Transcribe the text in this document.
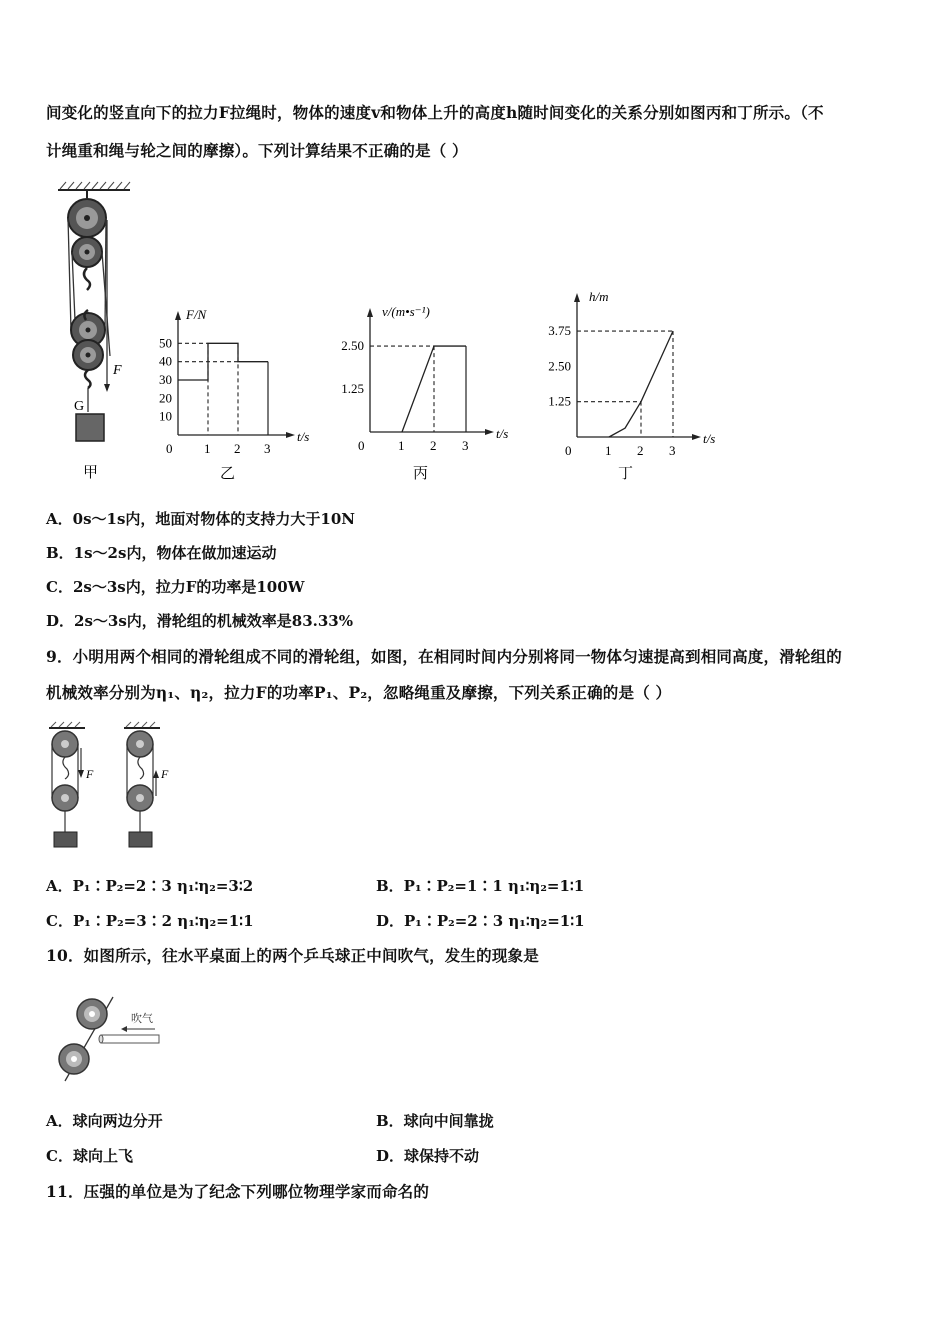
间变化的竖直向下的拉力F拉绳时，物体的速度v和物体上升的高度h随时间变化的关系分别如图丙和丁所示。（不
计绳重和绳与轮之间的摩擦）。下列计算结果不正确的是（ ）
F
G
甲
t/s
F/N
0 1 2 3
10
20
30
40
50
乙
t/s
v/(m•s⁻¹)
0	1 2 3
1.25
2.50
丙
t/s
h/m
0	1 2 3
1.25
2.50
3.75
丁
A．0s～1s内，地面对物体的支持力大于10N
B．1s～2s内，物体在做加速运动
C．2s～3s内，拉力F的功率是100W
D．2s～3s内，滑轮组的机械效率是83.33%
9．小明用两个相同的滑轮组成不同的滑轮组，如图，在相同时间内分别将同一物体匀速提高到相同高度，滑轮组的
机械效率分别为η₁、η₂，拉力F的功率P₁、P₂，忽略绳重及摩擦，下列关系正确的是（ ）
F	F
A．P₁∶P₂=2∶3 η₁∶η₂=3∶2	B．P₁∶P₂=1∶1 η₁∶η₂=1∶1
C．P₁∶P₂=3∶2 η₁∶η₂=1∶1	D．P₁∶P₂=2∶3 η₁∶η₂=1∶1
10．如图所示，往水平桌面上的两个乒乓球正中间吹气，发生的现象是
吹气
A．球向两边分开	B．球向中间靠拢
C．球向上飞	D．球保持不动
11．压强的单位是为了纪念下列哪位物理学家而命名的
